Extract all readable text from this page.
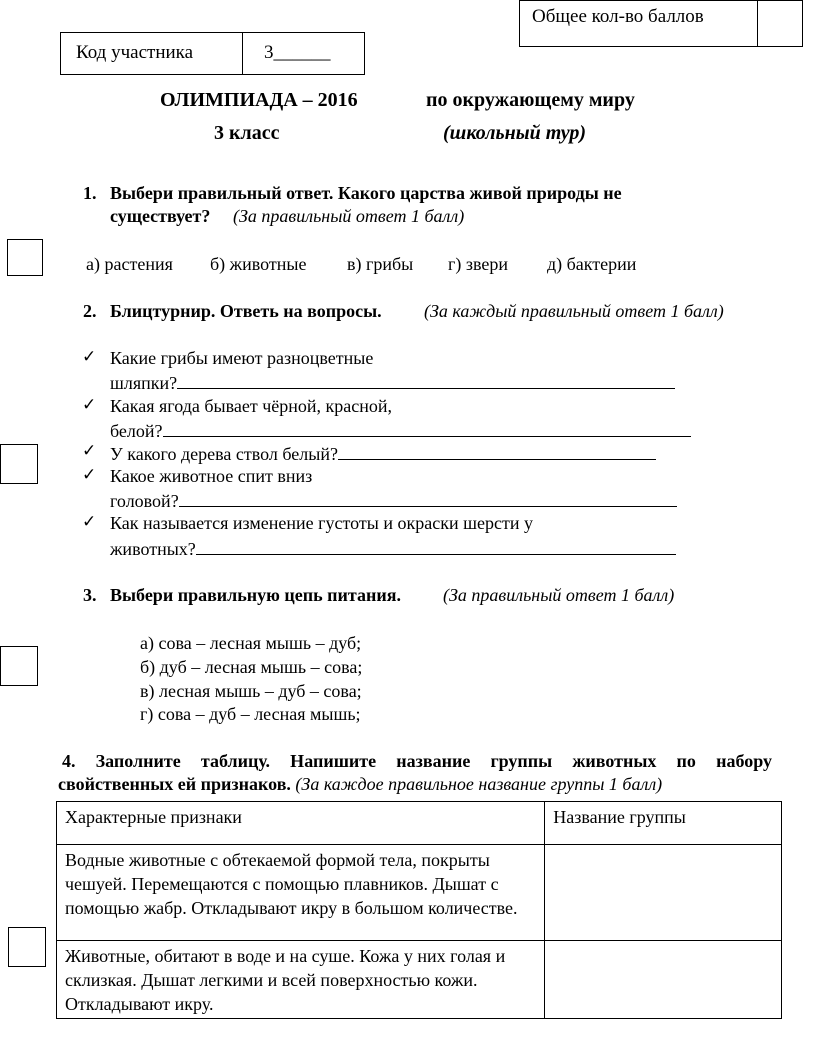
Общее кол-во баллов
Код участника	3______
ОЛИМПИАДА – 2016	по окружающему миру
3 класс	(школьный тур)
1. Выбери правильный ответ. Какого царства живой природы не
существует? (За правильный ответ 1 балл)
а) растения б) животные в) грибы г) звери д) бактерии
2. Блицтурнир. Ответь на вопросы. (За каждый правильный ответ 1 балл)
✓ Какие грибы имеют разноцветные
шляпки?
✓ Какая ягода бывает чёрной, красной,
белой?
✓ У какого дерева ствол белый?
✓ Какое животное спит вниз
головой?
✓ Как называется изменение густоты и окраски шерсти у
животных?
3. Выбери правильную цепь питания. (За правильный ответ 1 балл)
а) сова – лесная мышь – дуб;
б) дуб – лесная мышь – сова;
в) лесная мышь – дуб – сова;
г) сова – дуб – лесная мышь;
4. Заполните таблицу. Напишите название группы животных по набору
свойственных ей признаков. (За каждое правильное название группы 1 балл)
Характерные признаки	Название группы
Водные животные с обтекаемой формой тела, покрыты чешуей. Перемещаются с помощью плавников. Дышат с помощью жабр. Откладывают икру в большом количестве.	
Животные, обитают в воде и на суше. Кожа у них голая и склизкая. Дышат легкими и всей поверхностью кожи. Откладывают икру.	
